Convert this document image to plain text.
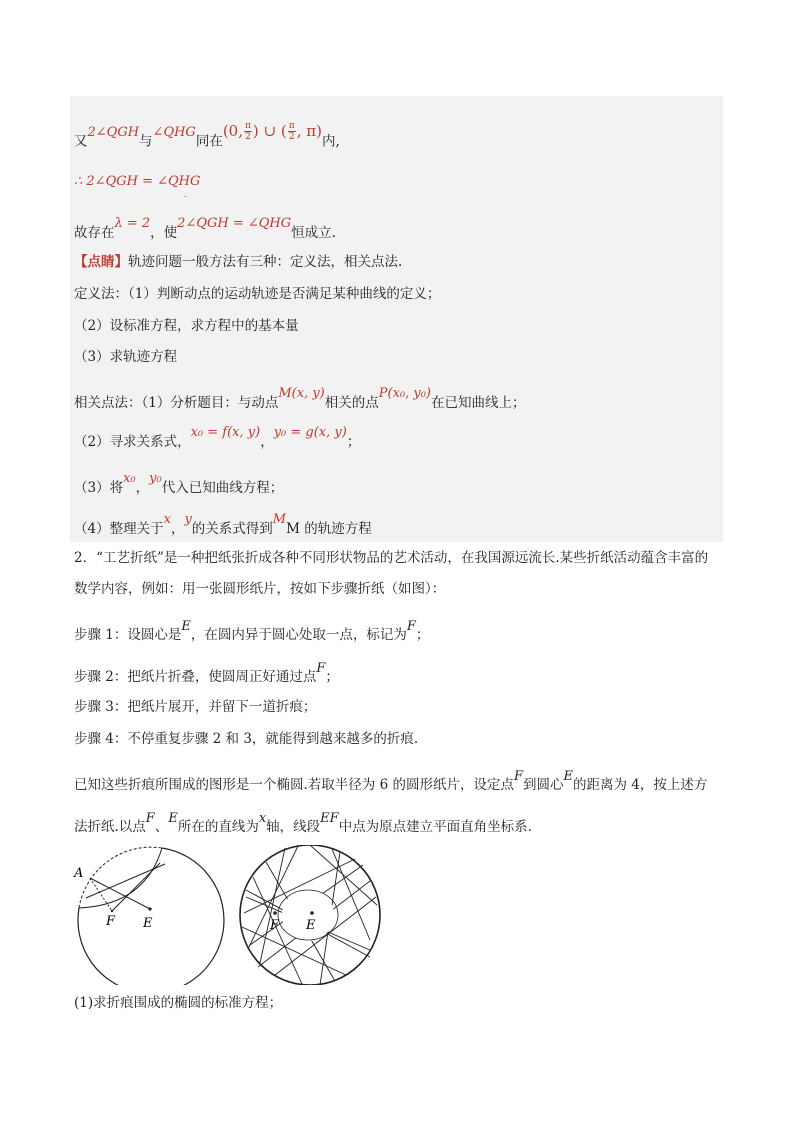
又2∠QGH与∠QHG同在(0, $\frac{\pi}{2}$ ) ∪ ( $\frac{\pi}{2}$ , π)内,
∴ 2∠QGH = ∠QHG
.
故存在λ = 2，使2∠QGH = ∠QHG恒成立.
【点睛】轨迹问题一般方法有三种：定义法，相关点法.
定义法：（1）判断动点的运动轨迹是否满足某种曲线的定义；
（2）设标准方程，求方程中的基本量
（3）求轨迹方程
相关点法：（1）分析题目：与动点M(x, y)相关的点P(x₀, y₀)在已知曲线上；
（2）寻求关系式，x₀ = f(x, y)，y₀ = g(x, y)；
（3）将x₀，y₀代入已知曲线方程；
（4）整理关于x，y的关系式得到MM 的轨迹方程
2．“工艺折纸”是一种把纸张折成各种不同形状物品的艺术活动，在我国源远流长.某些折纸活动蕴含丰富的
数学内容，例如：用一张圆形纸片，按如下步骤折纸（如图）：
步骤 1：设圆心是E，在圆内异于圆心处取一点，标记为F；
步骤 2：把纸片折叠，使圆周正好通过点F；
步骤 3：把纸片展开，并留下一道折痕；
步骤 4：不停重复步骤 2 和 3，就能得到越来越多的折痕.
已知这些折痕所围成的图形是一个椭圆.若取半径为 6 的圆形纸片，设定点F到圆心E的距离为 4，按上述方
法折纸.以点F、E所在的直线为x轴，线段EF中点为原点建立平面直角坐标系.
A
F E	F E
(1)求折痕围成的椭圆的标准方程；
